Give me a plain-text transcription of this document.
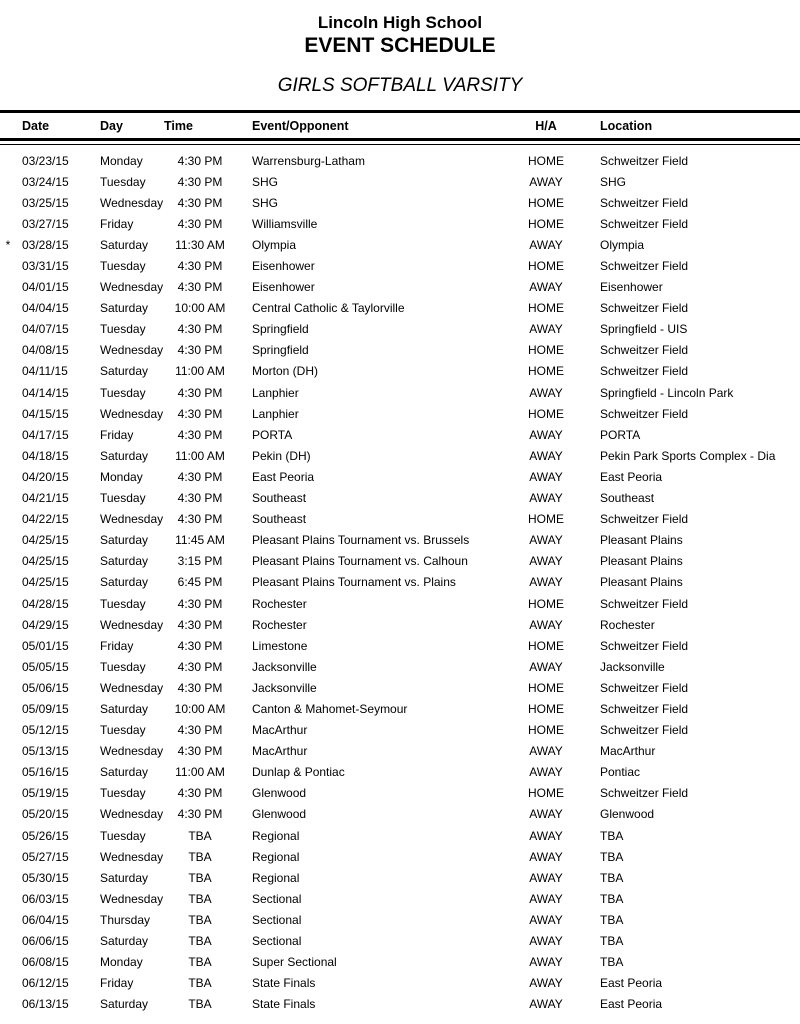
Lincoln High School
EVENT SCHEDULE
GIRLS SOFTBALL VARSITY
Date	Day	Time	Event/Opponent	H/A	Location
03/23/15	Monday	4:30 PM	Warrensburg-Latham	HOME	Schweitzer Field
03/24/15	Tuesday	4:30 PM	SHG	AWAY	SHG
03/25/15	Wednesday	4:30 PM	SHG	HOME	Schweitzer Field
03/27/15	Friday	4:30 PM	Williamsville	HOME	Schweitzer Field
* 03/28/15	Saturday	11:30 AM	Olympia	AWAY	Olympia
03/31/15	Tuesday	4:30 PM	Eisenhower	HOME	Schweitzer Field
04/01/15	Wednesday	4:30 PM	Eisenhower	AWAY	Eisenhower
04/04/15	Saturday	10:00 AM	Central Catholic & Taylorville	HOME	Schweitzer Field
04/07/15	Tuesday	4:30 PM	Springfield	AWAY	Springfield - UIS
04/08/15	Wednesday	4:30 PM	Springfield	HOME	Schweitzer Field
04/11/15	Saturday	11:00 AM	Morton (DH)	HOME	Schweitzer Field
04/14/15	Tuesday	4:30 PM	Lanphier	AWAY	Springfield - Lincoln Park
04/15/15	Wednesday	4:30 PM	Lanphier	HOME	Schweitzer Field
04/17/15	Friday	4:30 PM	PORTA	AWAY	PORTA
04/18/15	Saturday	11:00 AM	Pekin (DH)	AWAY	Pekin Park Sports Complex - Dia
04/20/15	Monday	4:30 PM	East Peoria	AWAY	East Peoria
04/21/15	Tuesday	4:30 PM	Southeast	AWAY	Southeast
04/22/15	Wednesday	4:30 PM	Southeast	HOME	Schweitzer Field
04/25/15	Saturday	11:45 AM	Pleasant Plains Tournament vs. Brussels	AWAY	Pleasant Plains
04/25/15	Saturday	3:15 PM	Pleasant Plains Tournament vs. Calhoun	AWAY	Pleasant Plains
04/25/15	Saturday	6:45 PM	Pleasant Plains Tournament vs. Plains	AWAY	Pleasant Plains
04/28/15	Tuesday	4:30 PM	Rochester	HOME	Schweitzer Field
04/29/15	Wednesday	4:30 PM	Rochester	AWAY	Rochester
05/01/15	Friday	4:30 PM	Limestone	HOME	Schweitzer Field
05/05/15	Tuesday	4:30 PM	Jacksonville	AWAY	Jacksonville
05/06/15	Wednesday	4:30 PM	Jacksonville	HOME	Schweitzer Field
05/09/15	Saturday	10:00 AM	Canton & Mahomet-Seymour	HOME	Schweitzer Field
05/12/15	Tuesday	4:30 PM	MacArthur	HOME	Schweitzer Field
05/13/15	Wednesday	4:30 PM	MacArthur	AWAY	MacArthur
05/16/15	Saturday	11:00 AM	Dunlap & Pontiac	AWAY	Pontiac
05/19/15	Tuesday	4:30 PM	Glenwood	HOME	Schweitzer Field
05/20/15	Wednesday	4:30 PM	Glenwood	AWAY	Glenwood
05/26/15	Tuesday	TBA	Regional	AWAY	TBA
05/27/15	Wednesday	TBA	Regional	AWAY	TBA
05/30/15	Saturday	TBA	Regional	AWAY	TBA
06/03/15	Wednesday	TBA	Sectional	AWAY	TBA
06/04/15	Thursday	TBA	Sectional	AWAY	TBA
06/06/15	Saturday	TBA	Sectional	AWAY	TBA
06/08/15	Monday	TBA	Super Sectional	AWAY	TBA
06/12/15	Friday	TBA	State Finals	AWAY	East Peoria
06/13/15	Saturday	TBA	State Finals	AWAY	East Peoria
